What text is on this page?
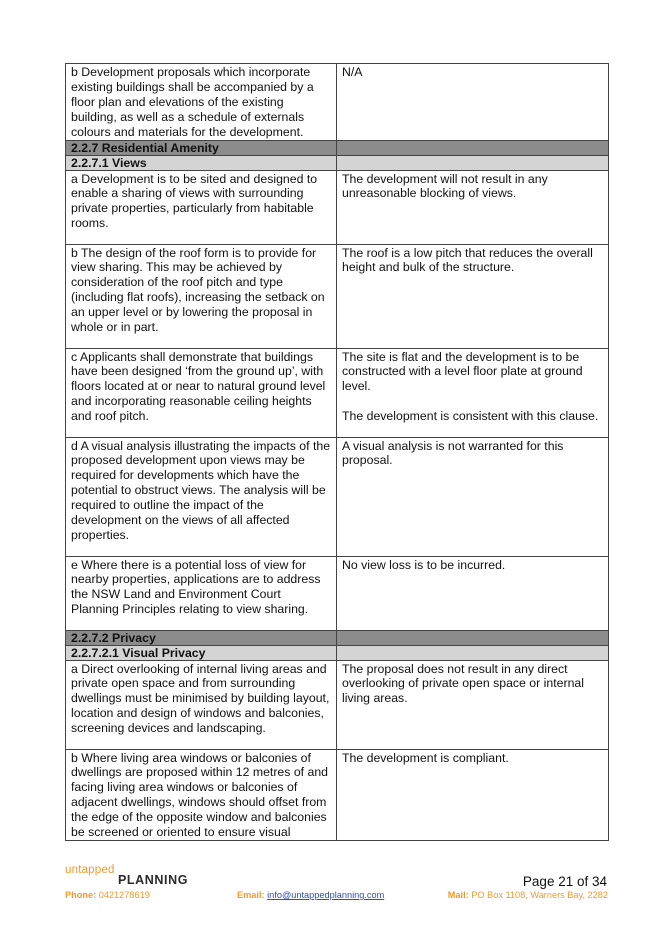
b Development proposals which incorporate existing buildings shall be accompanied by a floor plan and elevations of the existing building, as well as a schedule of externals colours and materials for the development.	N/A

2.2.7 Residential Amenity	
2.2.7.1 Views	

a Development is to be sited and designed to enable a sharing of views with surrounding private properties, particularly from habitable rooms.	The development will not result in any unreasonable blocking of views.

b The design of the roof form is to provide for view sharing. This may be achieved by consideration of the roof pitch and type (including flat roofs), increasing the setback on an upper level or by lowering the proposal in whole or in part.	The roof is a low pitch that reduces the overall height and bulk of the structure.

c Applicants shall demonstrate that buildings have been designed ‘from the ground up’, with floors located at or near to natural ground level and incorporating reasonable ceiling heights and roof pitch.	The site is flat and the development is to be constructed with a level floor plate at ground level.

The development is consistent with this clause.

d A visual analysis illustrating the impacts of the proposed development upon views may be required for developments which have the potential to obstruct views. The analysis will be required to outline the impact of the development on the views of all affected properties.	A visual analysis is not warranted for this proposal.

e Where there is a potential loss of view for nearby properties, applications are to address the NSW Land and Environment Court Planning Principles relating to view sharing.	No view loss is to be incurred.

2.2.7.2 Privacy	
2.2.7.2.1 Visual Privacy	

a Direct overlooking of internal living areas and private open space and from surrounding dwellings must be minimised by building layout, location and design of windows and balconies, screening devices and landscaping.	The proposal does not result in any direct overlooking of private open space or internal living areas.

b Where living area windows or balconies of dwellings are proposed within 12 metres of and facing living area windows or balconies of adjacent dwellings, windows should offset from the edge of the opposite window and balconies be screened or oriented to ensure visual	The development is compliant.

untapped
PLANNING	Page 21 of 34
Phone: 0421278619	Email: info@untappedplanning.com	Mail: PO Box 1108, Warners Bay, 2282
